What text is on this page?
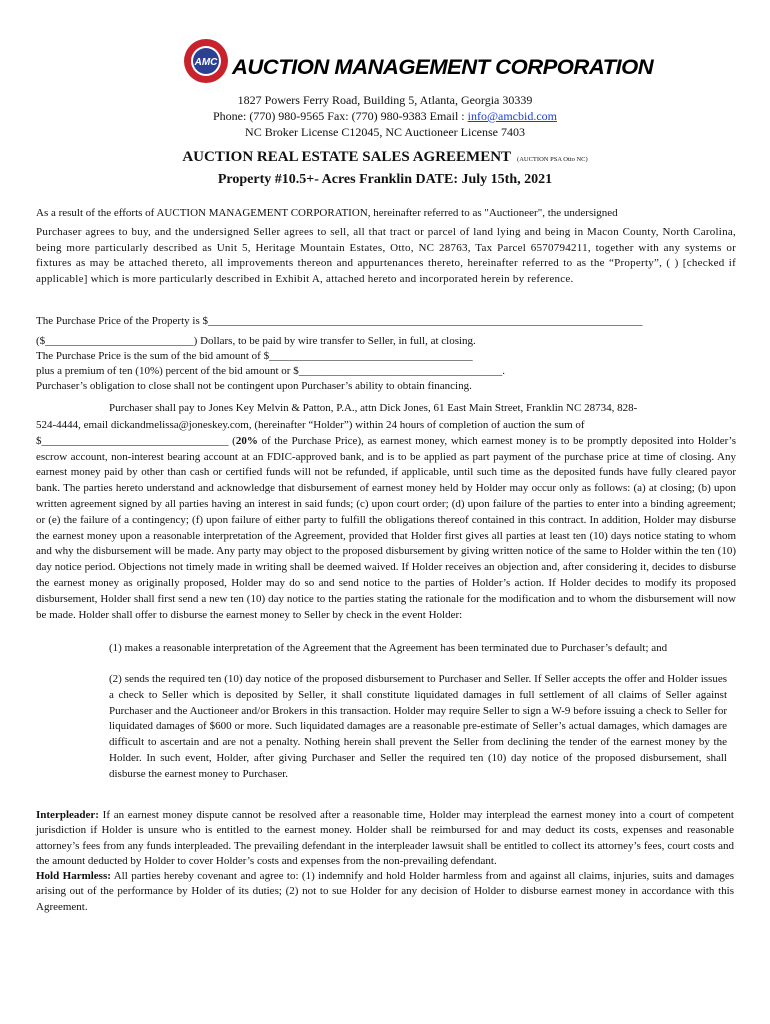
AMC AUCTION MANAGEMENT CORPORATION
1827 Powers Ferry Road, Building 5, Atlanta, Georgia 30339
Phone: (770) 980-9565 Fax: (770) 980-9383 Email : info@amcbid.com
NC Broker License C12045, NC Auctioneer License 7403
AUCTION REAL ESTATE SALES AGREEMENT (AUCTION PSA Otto NC)
Property #10.5+- Acres Franklin DATE: July 15th, 2021
As a result of the efforts of AUCTION MANAGEMENT CORPORATION, hereinafter referred to as "Auctioneer", the undersigned
Purchaser agrees to buy, and the undersigned Seller agrees to sell, all that tract or parcel of land lying and being in Macon County, North Carolina, being more particularly described as Unit 5, Heritage Mountain Estates, Otto, NC 28763, Tax Parcel 6570794211, together with any systems or fixtures as may be attached thereto, all improvements thereon and appurtenances thereto, hereinafter referred to as the “Property”, ( ) [checked if applicable] which is more particularly described in Exhibit A, attached hereto and incorporated herein by reference.
The Purchase Price of the Property is $_______________________________________________________________________________
($___________________________) Dollars, to be paid by wire transfer to Seller, in full, at closing.
The Purchase Price is the sum of the bid amount of $_____________________________________
plus a premium of ten (10%) percent of the bid amount or $_____________________________________.
Purchaser’s obligation to close shall not be contingent upon Purchaser’s ability to obtain financing.
Purchaser shall pay to Jones Key Melvin & Patton, P.A., attn Dick Jones, 61 East Main Street, Franklin NC 28734, 828-
524-4444, email dickandmelissa@joneskey.com, (hereinafter “Holder”) within 24 hours of completion of auction the sum of
$__________________________________ (20% of the Purchase Price), as earnest money, which earnest money is to be promptly deposited into Holder’s escrow account, non-interest bearing account at an FDIC-approved bank, and is to be applied as part payment of the purchase price at time of closing. Any earnest money paid by other than cash or certified funds will not be refunded, if applicable, until such time as the deposited funds have fully cleared payor bank. The parties hereto understand and acknowledge that disbursement of earnest money held by Holder may occur only as follows: (a) at closing; (b) upon written agreement signed by all parties having an interest in said funds; (c) upon court order; (d) upon failure of the parties to enter into a binding agreement; or (e) the failure of a contingency; (f) upon failure of either party to fulfill the obligations thereof contained in this contract. In addition, Holder may disburse the earnest money upon a reasonable interpretation of the Agreement, provided that Holder first gives all parties at least ten (10) days notice stating to whom and why the disbursement will be made. Any party may object to the proposed disbursement by giving written notice of the same to Holder within the ten (10) day notice period. Objections not timely made in writing shall be deemed waived. If Holder receives an objection and, after considering it, decides to disburse the earnest money as originally proposed, Holder may do so and send notice to the parties of Holder’s action. If Holder decides to modify its proposed disbursement, Holder shall first send a new ten (10) day notice to the parties stating the rationale for the modification and to whom the disbursement will now be made. Holder shall offer to disburse the earnest money to Seller by check in the event Holder:
(1) makes a reasonable interpretation of the Agreement that the Agreement has been terminated due to Purchaser’s default; and
(2) sends the required ten (10) day notice of the proposed disbursement to Purchaser and Seller. If Seller accepts the offer and Holder issues a check to Seller which is deposited by Seller, it shall constitute liquidated damages in full settlement of all claims of Seller against Purchaser and the Auctioneer and/or Brokers in this transaction. Holder may require Seller to sign a W-9 before issuing a check to Seller for liquidated damages of $600 or more. Such liquidated damages are a reasonable pre-estimate of Seller’s actual damages, which damages are difficult to ascertain and are not a penalty. Nothing herein shall prevent the Seller from declining the tender of the earnest money by the Holder. In such event, Holder, after giving Purchaser and Seller the required ten (10) day notice of the proposed disbursement, shall disburse the earnest money to Purchaser.
Interpleader: If an earnest money dispute cannot be resolved after a reasonable time, Holder may interplead the earnest money into a court of competent jurisdiction if Holder is unsure who is entitled to the earnest money. Holder shall be reimbursed for and may deduct its costs, expenses and reasonable attorney’s fees from any funds interpleaded. The prevailing defendant in the interpleader lawsuit shall be entitled to collect its attorney’s fees, court costs and the amount deducted by Holder to cover Holder’s costs and expenses from the non-prevailing defendant.
Hold Harmless: All parties hereby covenant and agree to: (1) indemnify and hold Holder harmless from and against all claims, injuries, suits and damages arising out of the performance by Holder of its duties; (2) not to sue Holder for any decision of Holder to disburse earnest money in accordance with this Agreement.
